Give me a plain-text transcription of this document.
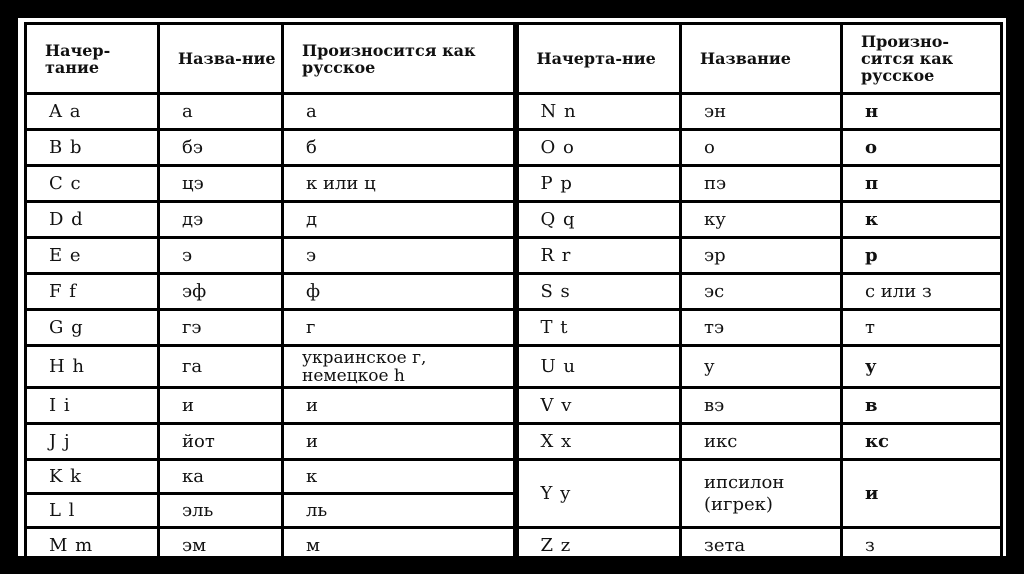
Начер-тание	Назва-ние	Произносится как русское	Начерта-ние	Название	Произно-сится как русское
A a	а	а	N n	эн	н
B b	бэ	б	O o	о	о
C c	цэ	к или ц	P p	пэ	п
D d	дэ	д	Q q	ку	к
E e	э	э	R r	эр	р
F f	эф	ф	S s	эс	с или з
G g	гэ	г	T t	тэ	т
H h	га	украинское г, немецкое h	U u	у	у
I i	и	и	V v	вэ	в
J j	йот	и	X x	икс	кс
K k	ка	к	Y y	ипсилон (игрек)	и
L l	эль	ль			
M m	эм	м	Z z	зета	з
